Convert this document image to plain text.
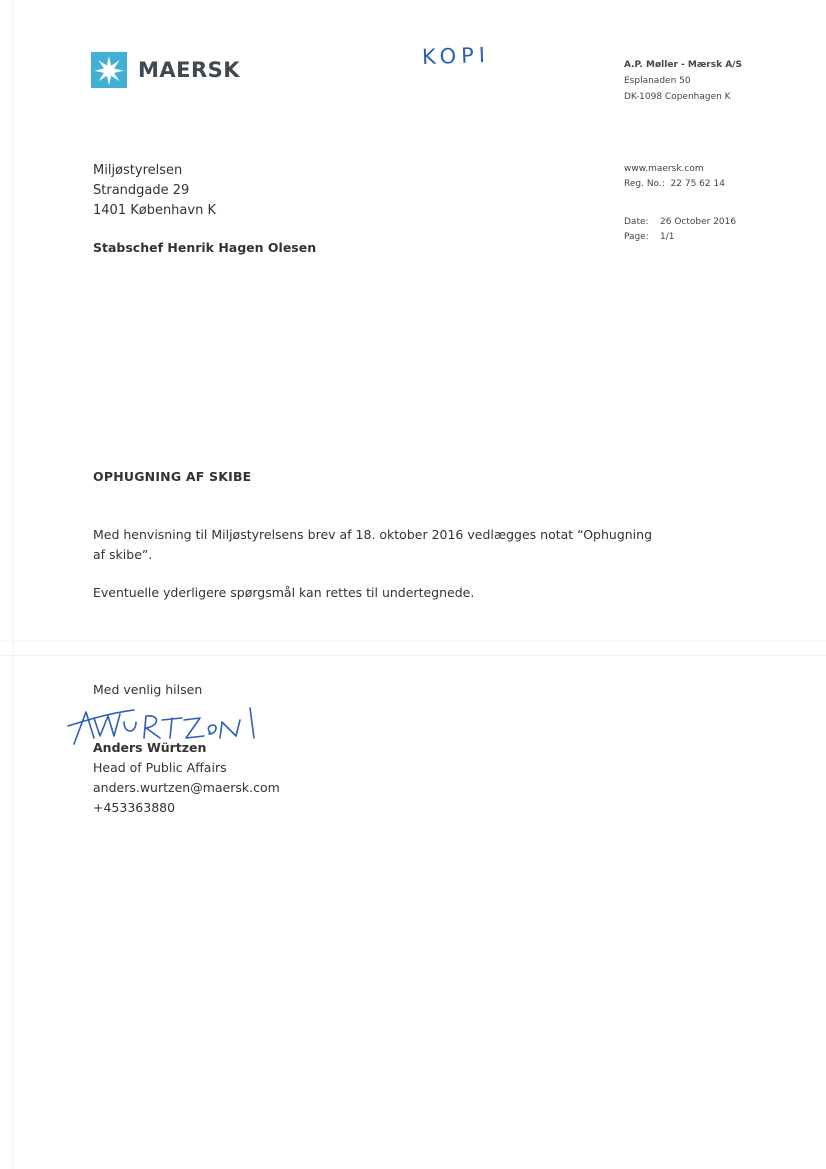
MAERSK
KOPI	A.P. Møller - Mærsk A/S
Esplanaden 50
DK-1098 Copenhagen K
Miljøstyrelsen
Strandgade 29
1401 København K
Stabschef Henrik Hagen Olesen
www.maersk.com
Reg. No.:
22 75 62 14
Date:	26 October 2016
Page:	1/1
OPHUGNING AF SKIBE

Med henvisning til Miljøstyrelsens brev af 18. oktober 2016 vedlægges notat “Ophugning af skibe”.

Eventuelle yderligere spørgsmål kan rettes til undertegnede.

Med venlig hilsen
Anders Würtzen
Head of Public Affairs
anders.wurtzen@maersk.com
+453363880
